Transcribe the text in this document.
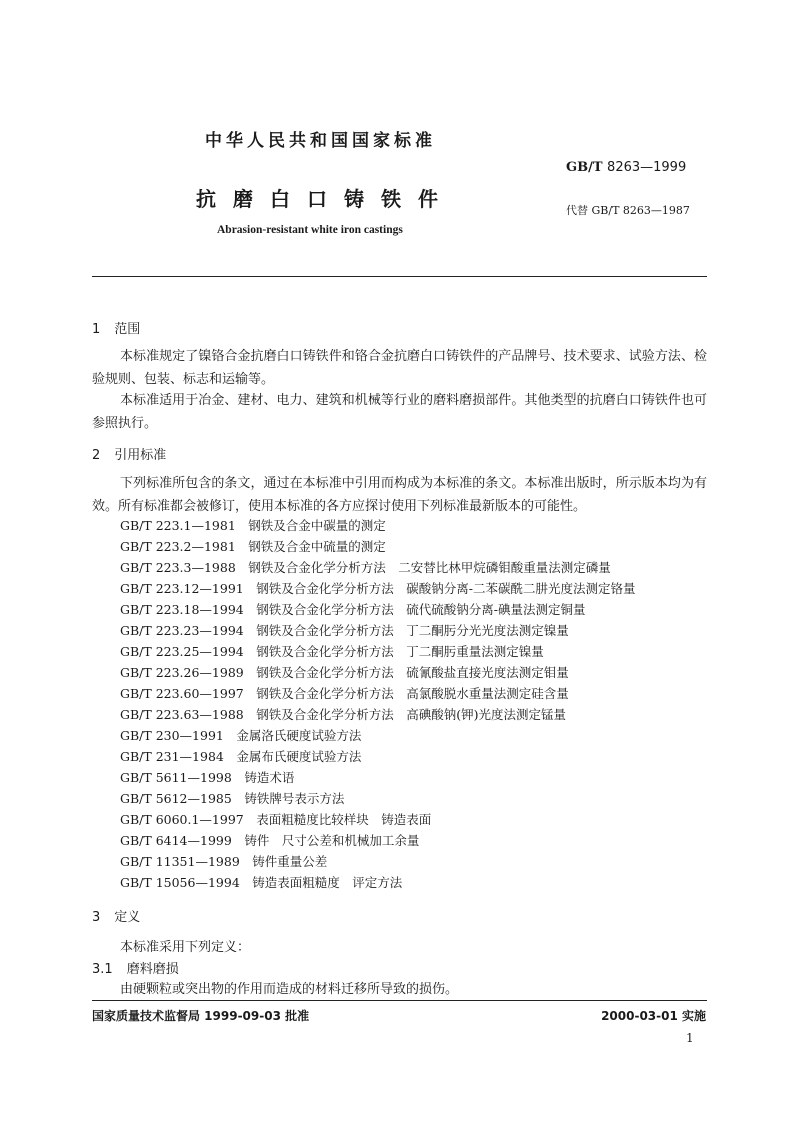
中华人民共和国国家标准
GB/T 8263—1999
抗磨白口铸铁件	代替 GB/T 8263—1987
Abrasion-resistant white iron castings
1 范围
本标准规定了镍铬合金抗磨白口铸铁件和铬合金抗磨白口铸铁件的产品牌号、技术要求、试验方法、检验规则、包装、标志和运输等。
本标准适用于冶金、建材、电力、建筑和机械等行业的磨料磨损部件。其他类型的抗磨白口铸铁件也可参照执行。
2 引用标准
下列标准所包含的条文，通过在本标准中引用而构成为本标准的条文。本标准出版时，所示版本均为有效。所有标准都会被修订，使用本标准的各方应探讨使用下列标准最新版本的可能性。
GB/T 223.1—1981　钢铁及合金中碳量的测定
GB/T 223.2—1981　钢铁及合金中硫量的测定
GB/T 223.3—1988　钢铁及合金化学分析方法　二安替比林甲烷磷钼酸重量法测定磷量
GB/T 223.12—1991　钢铁及合金化学分析方法　碳酸钠分离-二苯碳酰二肼光度法测定铬量
GB/T 223.18—1994　钢铁及合金化学分析方法　硫代硫酸钠分离-碘量法测定铜量
GB/T 223.23—1994　钢铁及合金化学分析方法　丁二酮肟分光光度法测定镍量
GB/T 223.25—1994　钢铁及合金化学分析方法　丁二酮肟重量法测定镍量
GB/T 223.26—1989　钢铁及合金化学分析方法　硫氰酸盐直接光度法测定钼量
GB/T 223.60—1997　钢铁及合金化学分析方法　高氯酸脱水重量法测定硅含量
GB/T 223.63—1988　钢铁及合金化学分析方法　高碘酸钠(钾)光度法测定锰量
GB/T 230—1991　金属洛氏硬度试验方法
GB/T 231—1984　金属布氏硬度试验方法
GB/T 5611—1998　铸造术语
GB/T 5612—1985　铸铁牌号表示方法
GB/T 6060.1—1997　表面粗糙度比较样块　铸造表面
GB/T 6414—1999　铸件　尺寸公差和机械加工余量
GB/T 11351—1989　铸件重量公差
GB/T 15056—1994　铸造表面粗糙度　评定方法
3 定义
本标准采用下列定义：
3.1 磨料磨损
由硬颗粒或突出物的作用而造成的材料迁移所导致的损伤。
国家质量技术监督局 1999-09-03 批准	2000-03-01 实施
1
